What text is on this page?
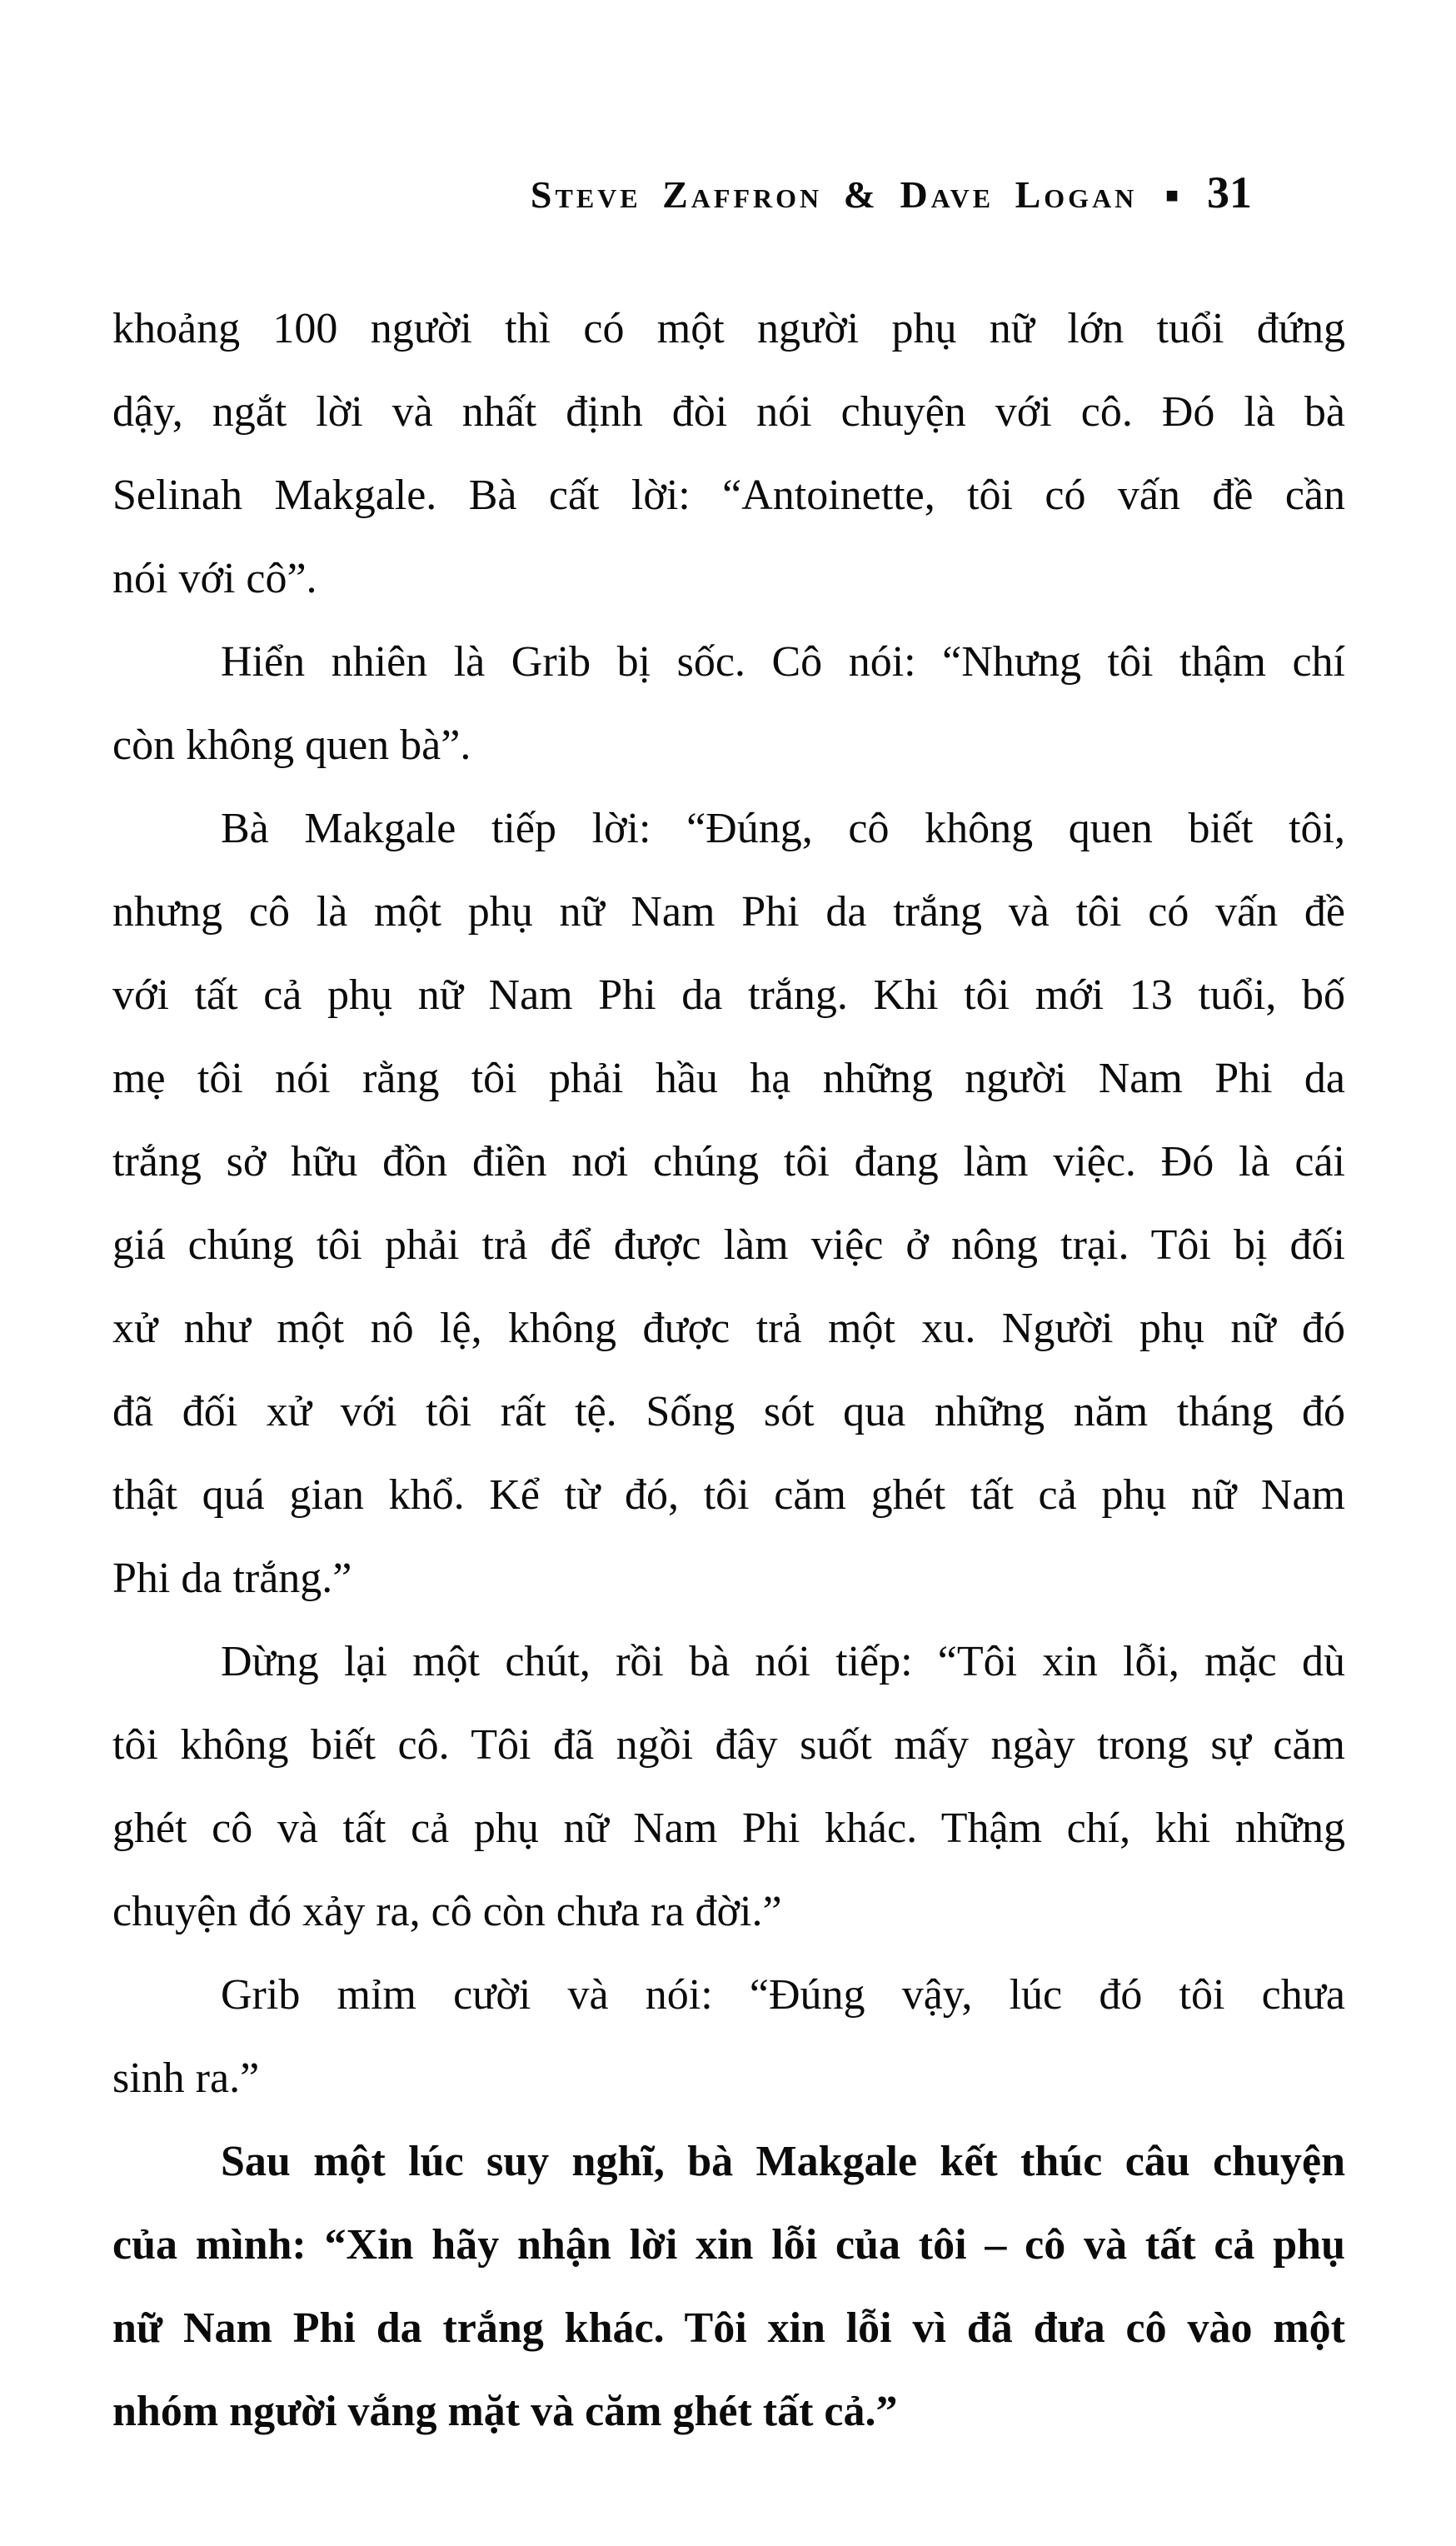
Steve Zaffron & Dave Logan ■ 31
khoảng 100 người thì có một người phụ nữ lớn tuổi đứng
dậy, ngắt lời và nhất định đòi nói chuyện với cô. Đó là bà
Selinah Makgale. Bà cất lời: “Antoinette, tôi có vấn đề cần
nói với cô”.
Hiển nhiên là Grib bị sốc. Cô nói: “Nhưng tôi thậm chí
còn không quen bà”.
Bà Makgale tiếp lời: “Đúng, cô không quen biết tôi,
nhưng cô là một phụ nữ Nam Phi da trắng và tôi có vấn đề
với tất cả phụ nữ Nam Phi da trắng. Khi tôi mới 13 tuổi, bố
mẹ tôi nói rằng tôi phải hầu hạ những người Nam Phi da
trắng sở hữu đồn điền nơi chúng tôi đang làm việc. Đó là cái
giá chúng tôi phải trả để được làm việc ở nông trại. Tôi bị đối
xử như một nô lệ, không được trả một xu. Người phụ nữ đó
đã đối xử với tôi rất tệ. Sống sót qua những năm tháng đó
thật quá gian khổ. Kể từ đó, tôi căm ghét tất cả phụ nữ Nam
Phi da trắng.”
Dừng lại một chút, rồi bà nói tiếp: “Tôi xin lỗi, mặc dù
tôi không biết cô. Tôi đã ngồi đây suốt mấy ngày trong sự căm
ghét cô và tất cả phụ nữ Nam Phi khác. Thậm chí, khi những
chuyện đó xảy ra, cô còn chưa ra đời.”
Grib mỉm cười và nói: “Đúng vậy, lúc đó tôi chưa
sinh ra.”
Sau một lúc suy nghĩ, bà Makgale kết thúc câu chuyện
của mình: “Xin hãy nhận lời xin lỗi của tôi – cô và tất cả phụ
nữ Nam Phi da trắng khác. Tôi xin lỗi vì đã đưa cô vào một
nhóm người vắng mặt và căm ghét tất cả.”
